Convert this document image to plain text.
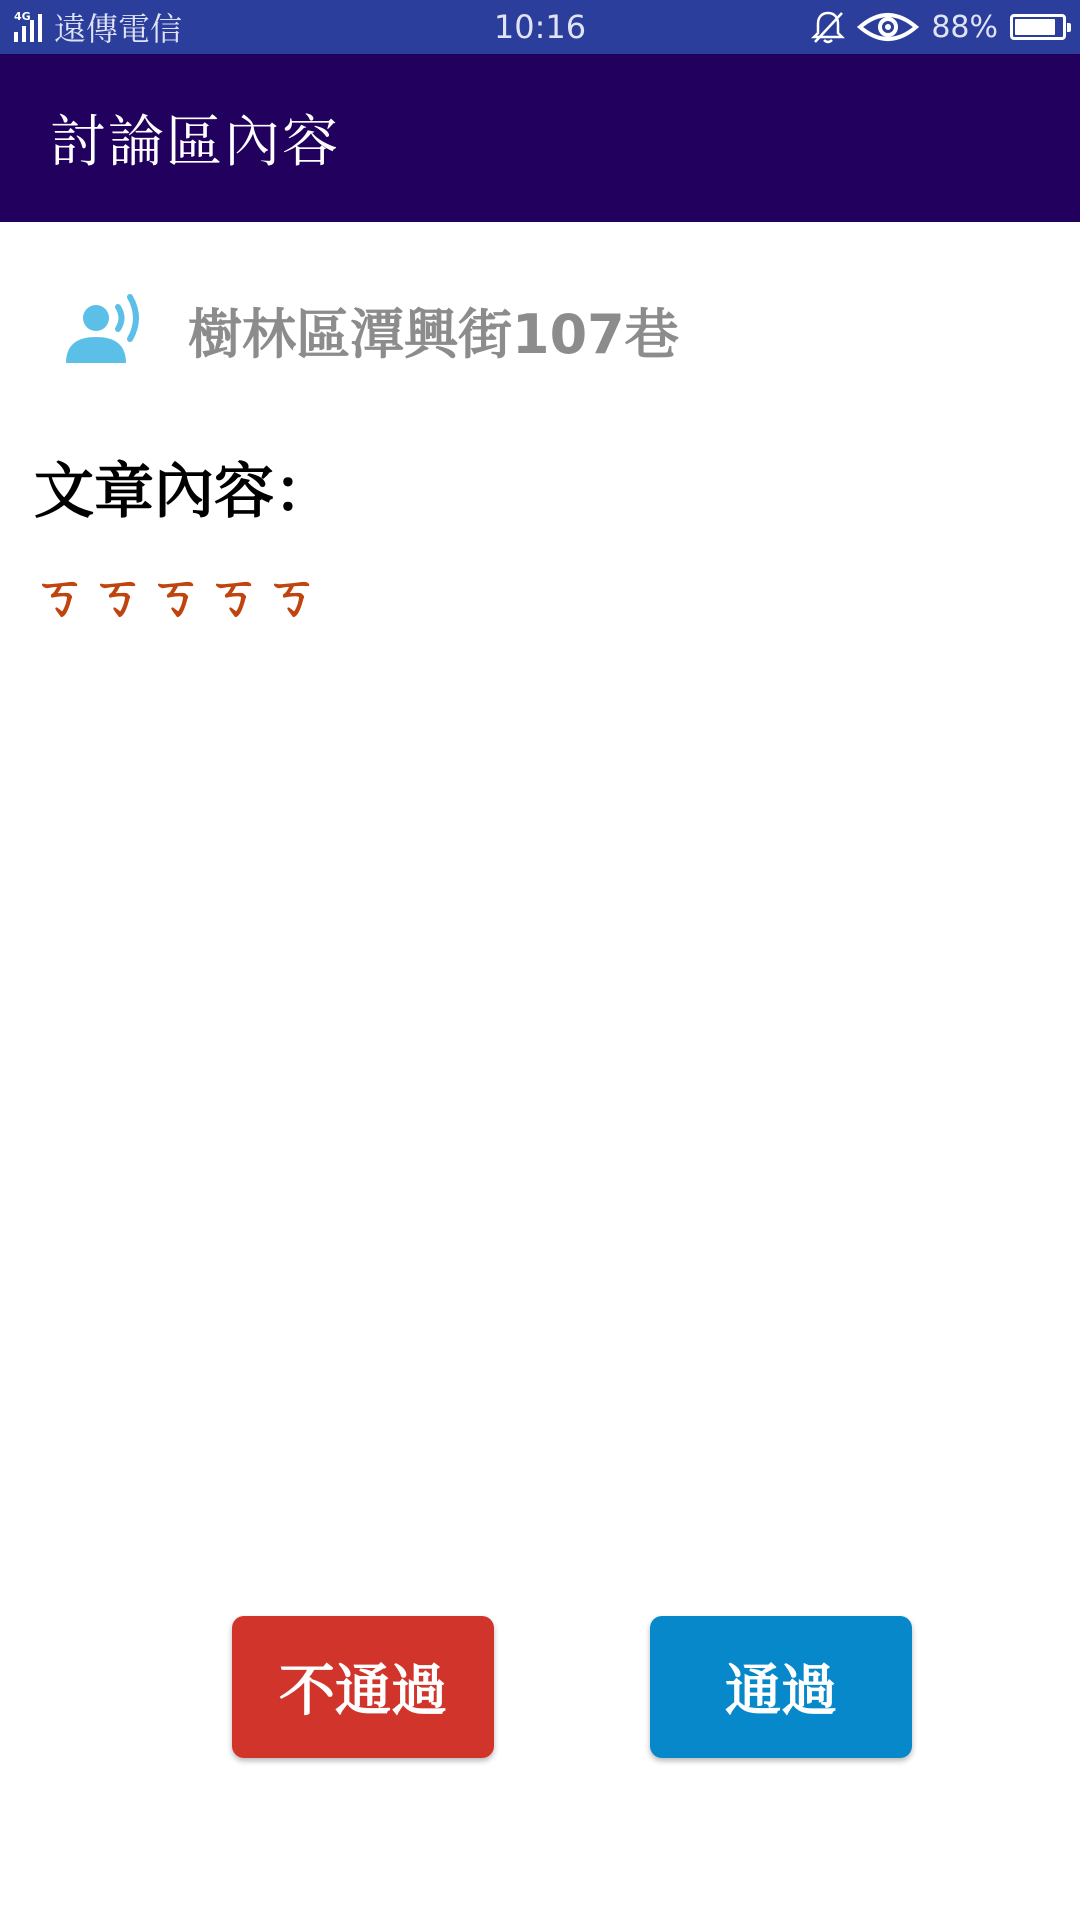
4G 遠傳電信	10:16	88%
討論區內容
樹林區潭興街107巷
文章內容：

ㄎㄎㄎㄎㄎ

不通過	通過
